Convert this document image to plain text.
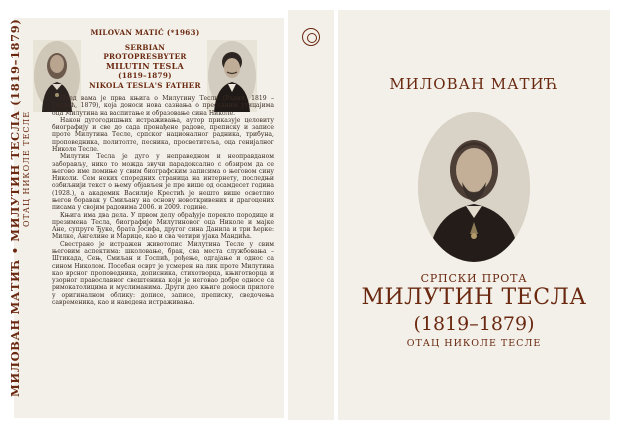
MILOVAN MATIĆ (*1963)
SERBIAN PROTOPRESBYTER
MILUTIN TESLA
(1819–1879)
NIKOLA TESLA'S FATHER

Пред вама је прва књига о Милутину Тесли (Раднч, 1819 – Госпић, 1879), која доноси нова сазнања о пресудним утицајима оца Милутина на васпитање и образовање сина Николе.

Након дугогодишњих истраживања, аутор приказује целовиту биографију и све до сада пронађене радове, преписку и записе проте Милутина Тесле, српског националног радника, трибуна, проповедника, политолте, песника, просветитеља, оца генијалног Николе Тесле.

Милутин Тесла је дуго у неправедном и неоправданом заборављу, нико то можда звучи парадоксално с обзиром да се његово име помиње у свим биографским записима о његовом сину Николи. Сем неких споредних страница на интернету, последњи озбиљнији текст о њему објављен је пре више од осамдесет година (1928.), а академик Василије Крестић је нешто више осветлио његов боравак у Смиљану на основу новоткривених и драгоцених писама у својим радовима 2006. и 2009. године.

Књига има два дела. У првом делу обрађује порекло породице и презимена Тесла, биографије Милутиновог оца Николе и мајке Ане, супруге Ђуке, брата Јосифа, другог сина Данила и три ћерке: Милке, Ангелине и Марице, као и сва четири ујака Мандића.

Свестрано је истражен животопис Милутина Тесле у свим његовим аспектима: школовање, брак, сва места службовања – Штикада, Сењ, Смиљан и Госпић, рођење, одгајање и однос са сином Николом. Посебан осврт је усмерен на лик проте Милутина као врсног проповедника, дописника, стихотворца, књиготворца и узорног православног свештеника који је неговао добре односе са римокатолицима и муслиманима. Други део књиге доноси прилоге у оригиналном облику: дописе, записе, преписку, сведочења савременика, као и наведена истраживања.

МИЛОВАН МАТИЋ • МИЛУТИН ТЕСЛА (1819–1879) ОТАЦ НИКОЛЕ ТЕСЛЕ
МИЛОВАН МАТИЋ
СРПСКИ ПРОТА
МИЛУТИН ТЕСЛА
(1819–1879)
ОТАЦ НИКОЛЕ ТЕСЛЕ
